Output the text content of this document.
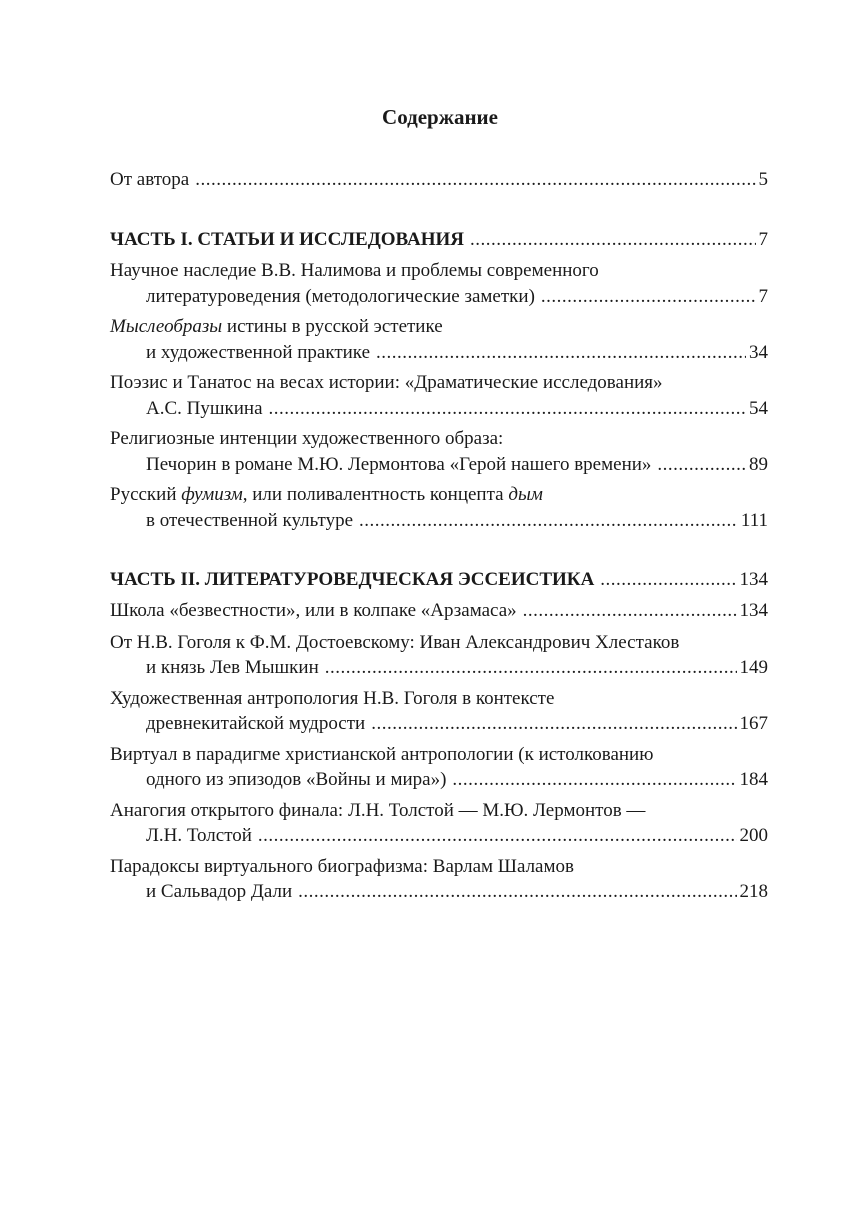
Содержание
От автора .....	5
ЧАСТЬ I. СТАТЬИ И ИССЛЕДОВАНИЯ .....	7
Научное наследие В.В. Налимова и проблемы современного
литературоведения (методологические заметки) .....	7
Мыслеобразы истины в русской эстетике
и художественной практике .....	34
Поэзис и Танатос на весах истории: «Драматические исследования»
А.С. Пушкина .....	54
Религиозные интенции художественного образа:
Печорин в романе М.Ю. Лермонтова «Герой нашего времени» .....	89
Русский фумизм, или поливалентность концепта дым
в отечественной культуре .....	111
ЧАСТЬ II. ЛИТЕРАТУРОВЕДЧЕСКАЯ ЭССЕИСТИКА .....	134
Школа «безвестности», или в колпаке «Арзамаса» .....	134
От Н.В. Гоголя к Ф.М. Достоевскому: Иван Александрович Хлестаков
и князь Лев Мышкин .....	149
Художественная антропология Н.В. Гоголя в контексте
древнекитайской мудрости .....	167
Виртуал в парадигме христианской антропологии (к истолкованию
одного из эпизодов «Войны и мира») .....	184
Анагогия открытого финала: Л.Н. Толстой — М.Ю. Лермонтов —
Л.Н. Толстой .....	200
Парадоксы виртуального биографизма: Варлам Шаламов
и Сальвадор Дали .....	218
